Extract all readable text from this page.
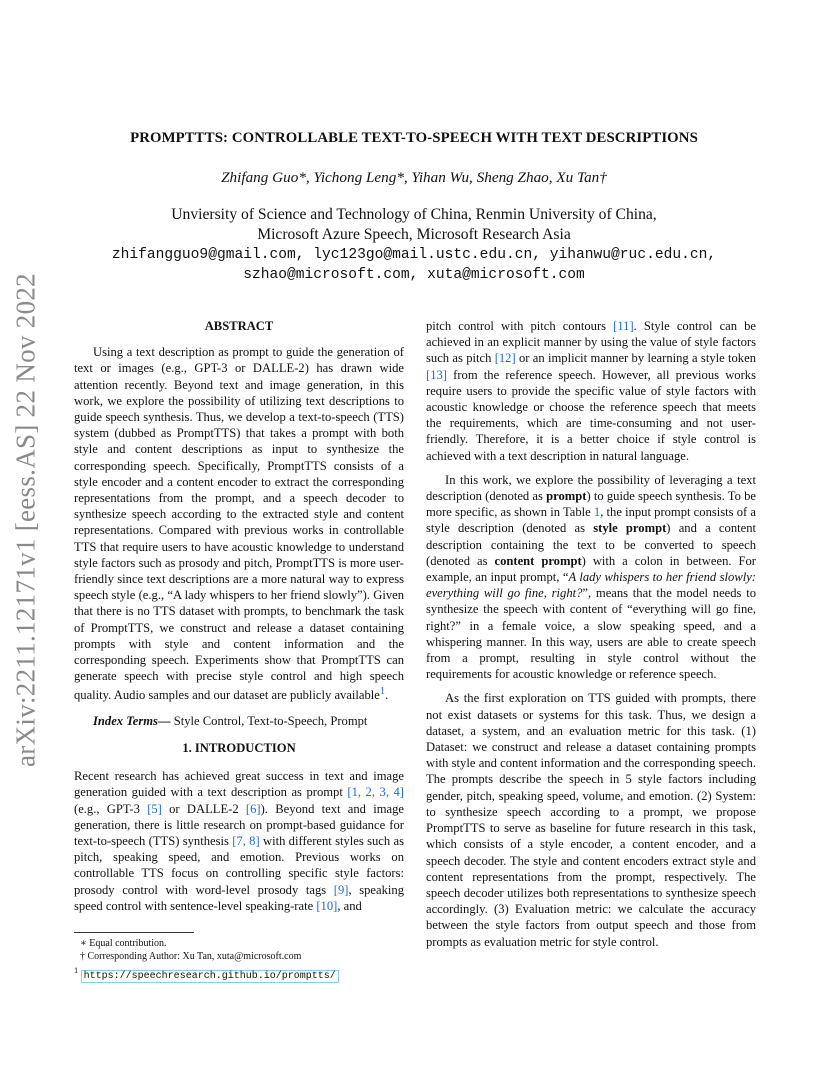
arXiv:2211.12171v1 [eess.AS] 22 Nov 2022
PROMPTTTS: CONTROLLABLE TEXT-TO-SPEECH WITH TEXT DESCRIPTIONS
Zhifang Guo*, Yichong Leng*, Yihan Wu, Sheng Zhao, Xu Tan†
Unviersity of Science and Technology of China, Renmin University of China,
Microsoft Azure Speech, Microsoft Research Asia
zhifangguo9@gmail.com, lyc123go@mail.ustc.edu.cn, yihanwu@ruc.edu.cn,
szhao@microsoft.com, xuta@microsoft.com
ABSTRACT

Using a text description as prompt to guide the generation of text or images (e.g., GPT-3 or DALLE-2) has drawn wide attention recently. Beyond text and image generation, in this work, we explore the possibility of utilizing text descriptions to guide speech synthesis. Thus, we develop a text-to-speech (TTS) system (dubbed as PromptTTS) that takes a prompt with both style and content descriptions as input to synthesize the corresponding speech. Specifically, PromptTTS consists of a style encoder and a content encoder to extract the corresponding representations from the prompt, and a speech decoder to synthesize speech according to the extracted style and content representations. Compared with previous works in controllable TTS that require users to have acoustic knowledge to understand style factors such as prosody and pitch, PromptTTS is more user-friendly since text descriptions are a more natural way to express speech style (e.g., “A lady whispers to her friend slowly”). Given that there is no TTS dataset with prompts, to benchmark the task of PromptTTS, we construct and release a dataset containing prompts with style and content information and the corresponding speech. Experiments show that PromptTTS can generate speech with precise style control and high speech quality. Audio samples and our dataset are publicly available$^1$.

Index Terms— Style Control, Text-to-Speech, Prompt

1. INTRODUCTION

Recent research has achieved great success in text and image generation guided with a text description as prompt [1, 2, 3, 4] (e.g., GPT-3 [5] or DALLE-2 [6]). Beyond text and image generation, there is little research on prompt-based guidance for text-to-speech (TTS) synthesis [7, 8] with different styles such as pitch, speaking speed, and emotion. Previous works on controllable TTS focus on controlling specific style factors: prosody control with word-level prosody tags [9], speaking speed control with sentence-level speaking-rate [10], and

∗ Equal contribution.
† Corresponding Author: Xu Tan, xuta@microsoft.com
$^1$ https://speechresearch.github.io/promptts/

pitch control with pitch contours [11]. Style control can be achieved in an explicit manner by using the value of style factors such as pitch [12] or an implicit manner by learning a style token [13] from the reference speech. However, all previous works require users to provide the specific value of style factors with acoustic knowledge or choose the reference speech that meets the requirements, which are time-consuming and not user-friendly. Therefore, it is a better choice if style control is achieved with a text description in natural language.

In this work, we explore the possibility of leveraging a text description (denoted as prompt) to guide speech synthesis. To be more specific, as shown in Table 1, the input prompt consists of a style description (denoted as style prompt) and a content description containing the text to be converted to speech (denoted as content prompt) with a colon in between. For example, an input prompt, “A lady whispers to her friend slowly: everything will go fine, right?”, means that the model needs to synthesize the speech with content of “everything will go fine, right?” in a female voice, a slow speaking speed, and a whispering manner. In this way, users are able to create speech from a prompt, resulting in style control without the requirements for acoustic knowledge or reference speech.

As the first exploration on TTS guided with prompts, there not exist datasets or systems for this task. Thus, we design a dataset, a system, and an evaluation metric for this task. (1) Dataset: we construct and release a dataset containing prompts with style and content information and the corresponding speech. The prompts describe the speech in 5 style factors including gender, pitch, speaking speed, volume, and emotion. (2) System: to synthesize speech according to a prompt, we propose PromptTTS to serve as baseline for future research in this task, which consists of a style encoder, a content encoder, and a speech decoder. The style and content encoders extract style and content representations from the prompt, respectively. The speech decoder utilizes both representations to synthesize speech accordingly. (3) Evaluation metric: we calculate the accuracy between the style factors from output speech and those from prompts as evaluation metric for style control.
